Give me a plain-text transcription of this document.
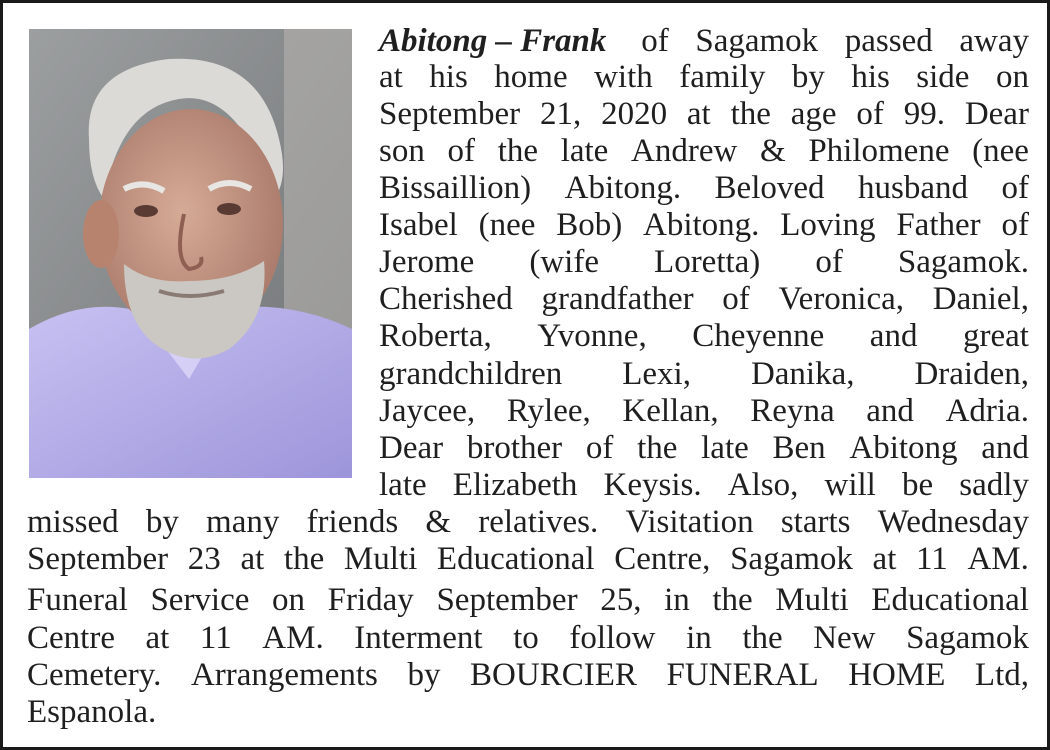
Abitong – Frank of Sagamok passed away
at his home with family by his side on
September 21, 2020 at the age of 99. Dear
son of the late Andrew & Philomene (nee
Bissaillion) Abitong. Beloved husband of
Isabel (nee Bob) Abitong. Loving Father of
Jerome (wife Loretta) of Sagamok.
Cherished grandfather of Veronica, Daniel,
Roberta, Yvonne, Cheyenne and great
grandchildren Lexi, Danika, Draiden,
Jaycee, Rylee, Kellan, Reyna and Adria.
Dear brother of the late Ben Abitong and
late Elizabeth Keysis. Also, will be sadly
missed by many friends & relatives. Visitation starts Wednesday
September 23 at the Multi Educational Centre, Sagamok at 11 AM.
Funeral Service on Friday September 25, in the Multi Educational
Centre at 11 AM. Interment to follow in the New Sagamok
Cemetery. Arrangements by BOURCIER FUNERAL HOME Ltd,
Espanola.
